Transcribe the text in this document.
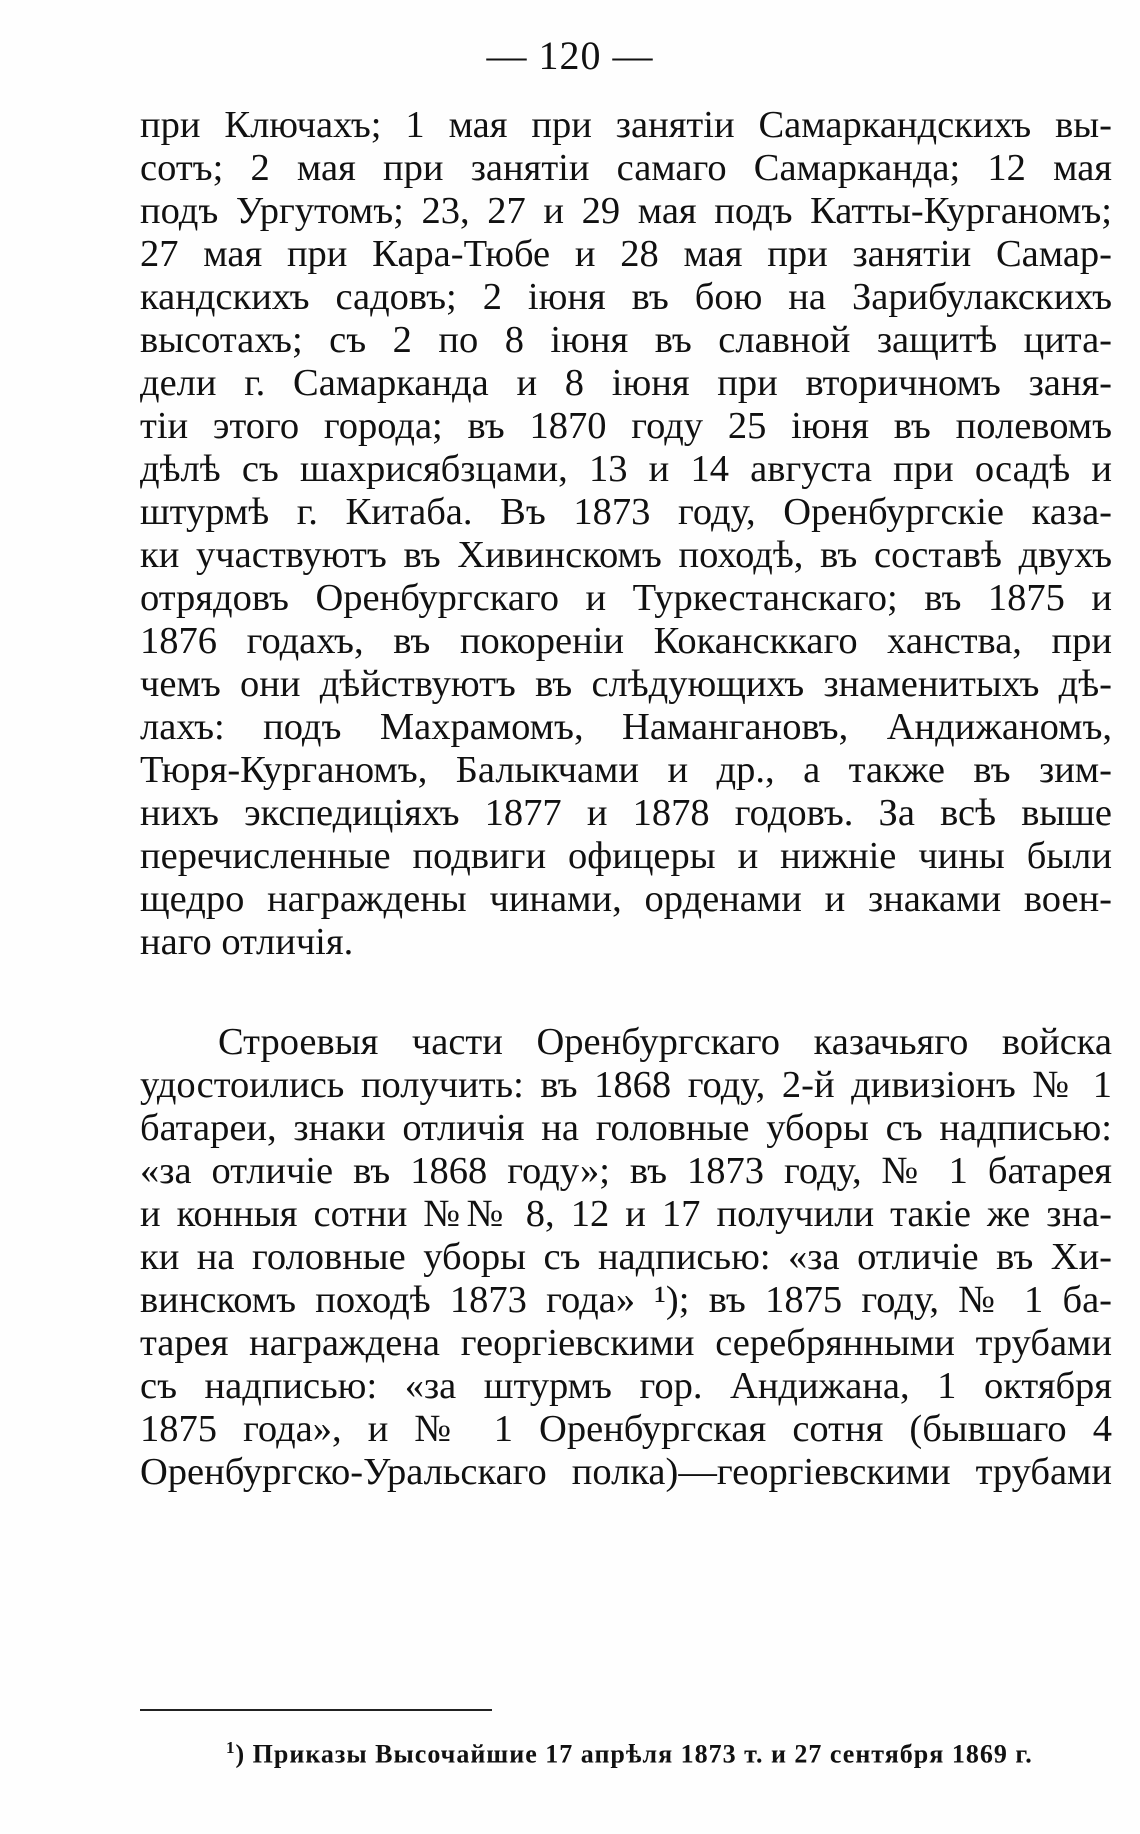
— 120 —
при Ключахъ; 1 мая при занятіи Самаркандскихъ вы-
сотъ; 2 мая при занятіи самаго Самарканда; 12 мая
подъ Ургутомъ; 23, 27 и 29 мая подъ Катты-Курганомъ;
27 мая при Кара-Тюбе и 28 мая при занятіи Самар-
кандскихъ садовъ; 2 іюня въ бою на Зарибулакскихъ
высотахъ; съ 2 по 8 іюня въ славной защитѣ цита-
дели г. Самарканда и 8 іюня при вторичномъ заня-
тіи этого города; въ 1870 году 25 іюня въ полевомъ
дѣлѣ съ шахрисябзцами, 13 и 14 августа при осадѣ и
штурмѣ г. Китаба. Въ 1873 году, Оренбургскіе каза-
ки участвуютъ въ Хивинскомъ походѣ, въ составѣ двухъ
отрядовъ Оренбургскаго и Туркестанскаго; въ 1875 и
1876 годахъ, въ покореніи Кокансккаго ханства, при
чемъ они дѣйствуютъ въ слѣдующихъ знаменитыхъ дѣ-
лахъ: подъ Махрамомъ, Намангановъ, Андижаномъ,
Тюря-Курганомъ, Балыкчами и др., а также въ зим-
нихъ экспедиціяхъ 1877 и 1878 годовъ. За всѣ выше
перечисленные подвиги офицеры и нижніе чины были
щедро награждены чинами, орденами и знаками воен-
наго отличія.
Строевыя части Оренбургскаго казачьяго войска
удостоились получить: въ 1868 году, 2-й дивизіонъ № 1
батареи, знаки отличія на головные уборы съ надписью:
«за отличіе въ 1868 году»; въ 1873 году, № 1 батарея
и конныя сотни №№ 8, 12 и 17 получили такіе же зна-
ки на головные уборы съ надписью: «за отличіе въ Хи-
винскомъ походѣ 1873 года» ¹); въ 1875 году, № 1 ба-
тарея награждена георгіевскими серебрянными трубами
съ надписью: «за штурмъ гор. Андижана, 1 октября
1875 года», и № 1 Оренбургская сотня (бывшаго 4
Оренбургско-Уральскаго полка)—георгіевскими трубами
$^1$) Приказы Высочайшие 17 апрѣля 1873 т. и 27 сентября 1869 г.
